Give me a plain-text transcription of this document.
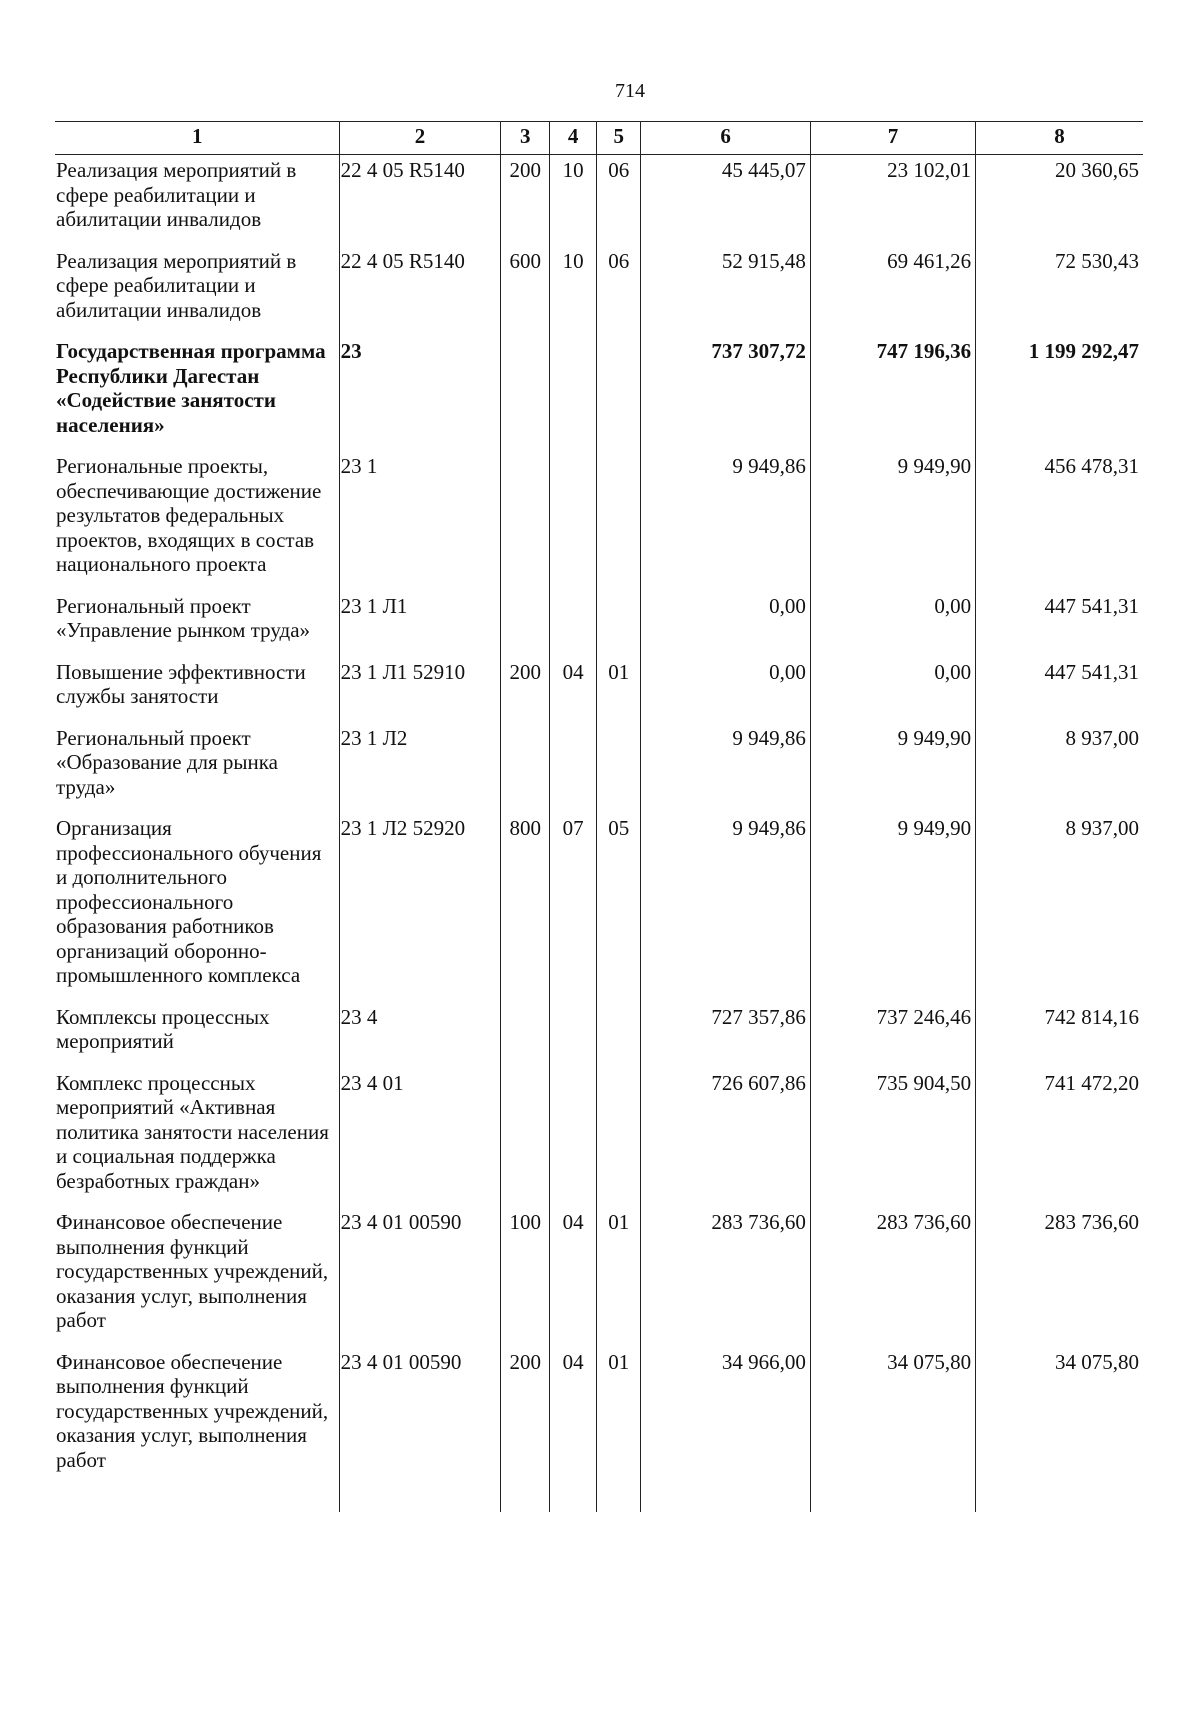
714
1	2	3	4	5	6	7	8
Реализация мероприятий в сфере реабилитации и абилитации инвалидов	22 4 05 R5140	200	10	06	45 445,07	23 102,01	20 360,65
Реализация мероприятий в сфере реабилитации и абилитации инвалидов	22 4 05 R5140	600	10	06	52 915,48	69 461,26	72 530,43
Государственная программа Республики Дагестан «Содействие занятости населения»	23				737 307,72	747 196,36	1 199 292,47
Региональные проекты, обеспечивающие достижение результатов федеральных проектов, входящих в состав национального проекта	23 1				9 949,86	9 949,90	456 478,31
Региональный проект «Управление рынком труда»	23 1 Л1				0,00	0,00	447 541,31
Повышение эффективности службы занятости	23 1 Л1 52910	200	04	01	0,00	0,00	447 541,31
Региональный проект «Образование для рынка труда»	23 1 Л2				9 949,86	9 949,90	8 937,00
Организация профессионального обучения и дополнительного профессионального образования работников организаций оборонно-промышленного комплекса	23 1 Л2 52920	800	07	05	9 949,86	9 949,90	8 937,00
Комплексы процессных мероприятий	23 4				727 357,86	737 246,46	742 814,16
Комплекс процессных мероприятий «Активная политика занятости населения и социальная поддержка безработных граждан»	23 4 01				726 607,86	735 904,50	741 472,20
Финансовое обеспечение выполнения функций государственных учреждений, оказания услуг, выполнения работ	23 4 01 00590	100	04	01	283 736,60	283 736,60	283 736,60
Финансовое обеспечение выполнения функций государственных учреждений, оказания услуг, выполнения работ	23 4 01 00590	200	04	01	34 966,00	34 075,80	34 075,80
